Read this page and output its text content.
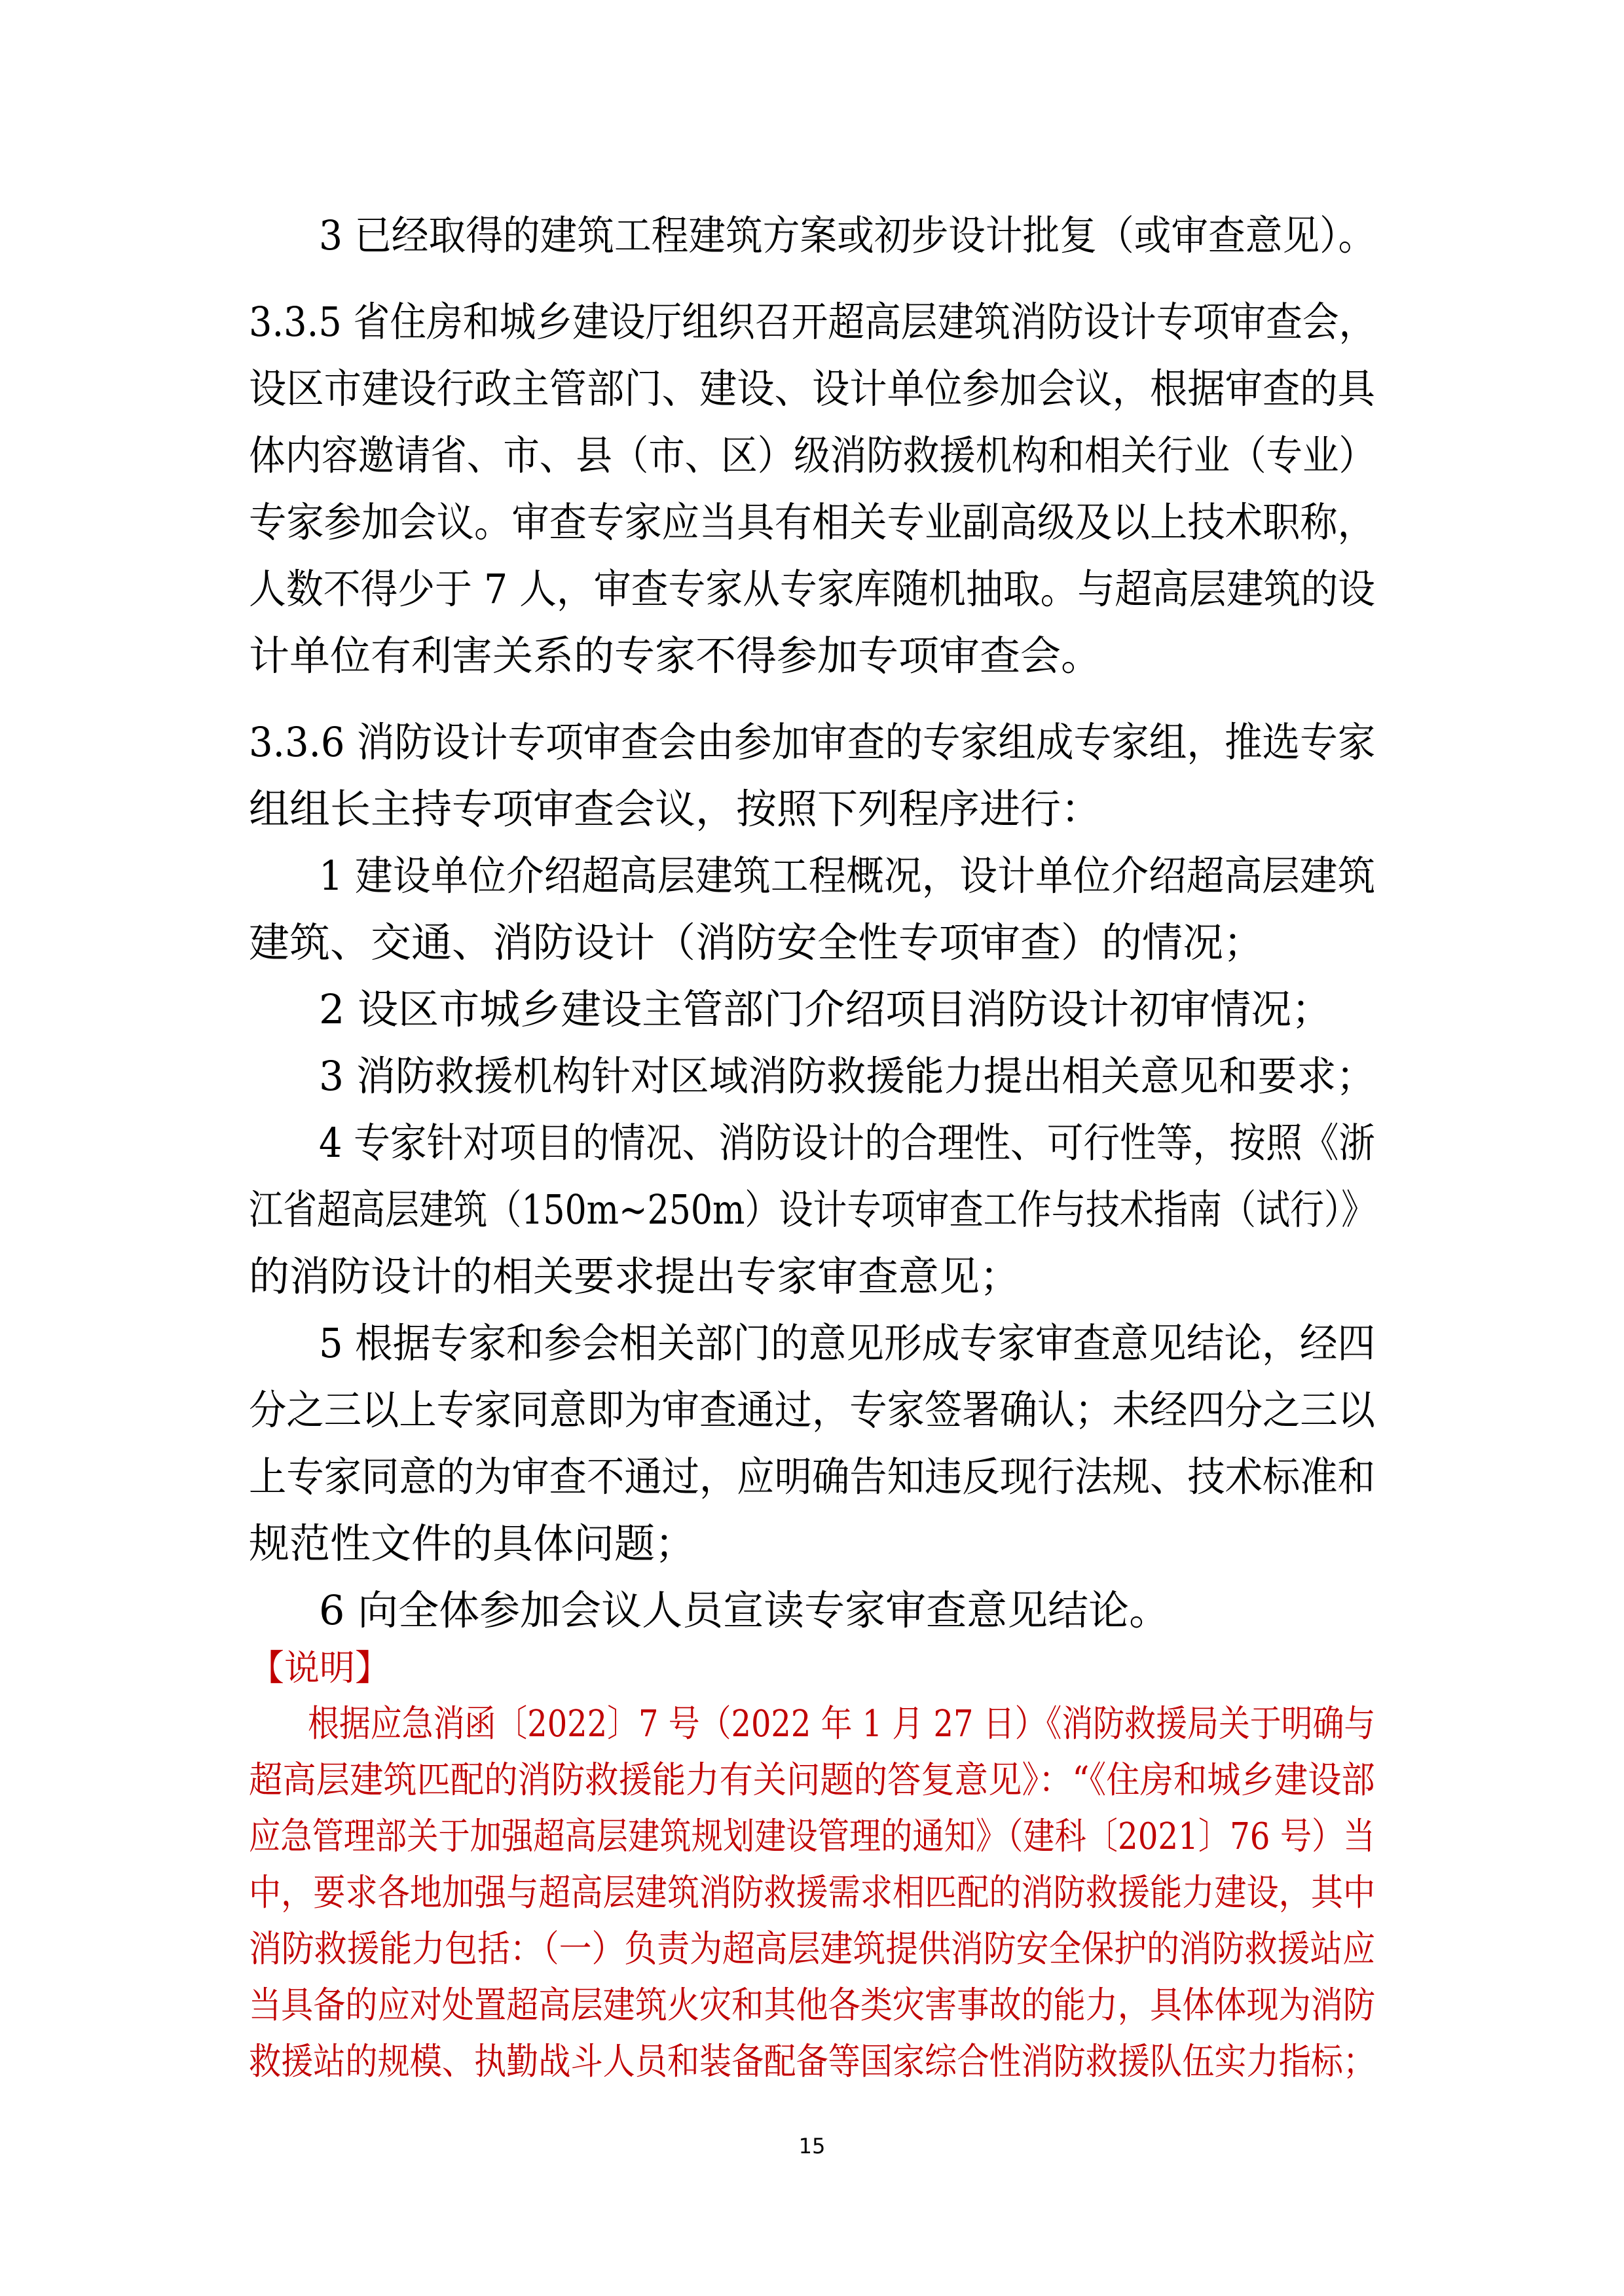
3 已经取得的建筑工程建筑方案或初步设计批复（或审查意见）。
3.3.5 省住房和城乡建设厅组织召开超高层建筑消防设计专项审查会，
设区市建设行政主管部门、建设、设计单位参加会议，根据审查的具
体内容邀请省、市、县（市、区）级消防救援机构和相关行业（专业）
专家参加会议。审查专家应当具有相关专业副高级及以上技术职称，
人数不得少于 7 人，审查专家从专家库随机抽取。与超高层建筑的设
计单位有利害关系的专家不得参加专项审查会。
3.3.6 消防设计专项审查会由参加审查的专家组成专家组，推选专家
组组长主持专项审查会议，按照下列程序进行：
1 建设单位介绍超高层建筑工程概况，设计单位介绍超高层建筑
建筑、交通、消防设计（消防安全性专项审查）的情况；
2 设区市城乡建设主管部门介绍项目消防设计初审情况；
3 消防救援机构针对区域消防救援能力提出相关意见和要求；
4 专家针对项目的情况、消防设计的合理性、可行性等，按照《浙
江省超高层建筑（150m~250m）设计专项审查工作与技术指南（试行）》
的消防设计的相关要求提出专家审查意见；
5 根据专家和参会相关部门的意见形成专家审查意见结论，经四
分之三以上专家同意即为审查通过，专家签署确认；未经四分之三以
上专家同意的为审查不通过，应明确告知违反现行法规、技术标准和
规范性文件的具体问题；
6 向全体参加会议人员宣读专家审查意见结论。
【说明】
根据应急消函〔2022〕7 号（2022 年 1 月 27 日）《消防救援局关于明确与
超高层建筑匹配的消防救援能力有关问题的答复意见》：“《住房和城乡建设部
应急管理部关于加强超高层建筑规划建设管理的通知》（建科〔2021〕76 号）当
中，要求各地加强与超高层建筑消防救援需求相匹配的消防救援能力建设，其中
消防救援能力包括：（一）负责为超高层建筑提供消防安全保护的消防救援站应
当具备的应对处置超高层建筑火灾和其他各类灾害事故的能力，具体体现为消防
救援站的规模、执勤战斗人员和装备配备等国家综合性消防救援队伍实力指标；
15
